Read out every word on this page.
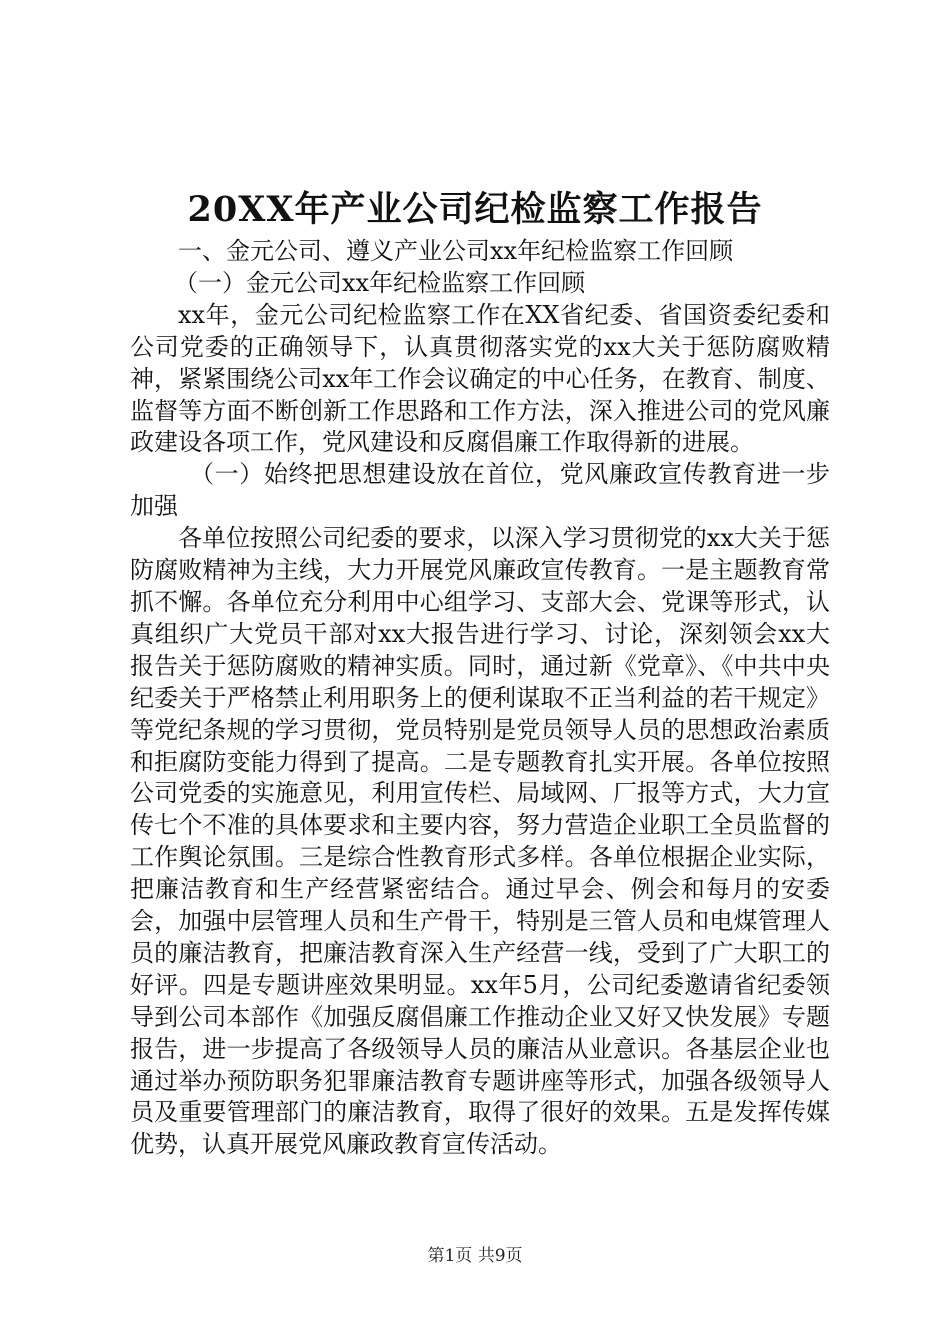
20XX年产业公司纪检监察工作报告

一、金元公司、遵义产业公司xx年纪检监察工作回顾

（一）金元公司xx年纪检监察工作回顾

xx年，金元公司纪检监察工作在XX省纪委、省国资委纪委和公司党委的正确领导下，认真贯彻落实党的xx大关于惩防腐败精神，紧紧围绕公司xx年工作会议确定的中心任务，在教育、制度、监督等方面不断创新工作思路和工作方法，深入推进公司的党风廉政建设各项工作，党风建设和反腐倡廉工作取得新的进展。

（一）始终把思想建设放在首位，党风廉政宣传教育进一步加强

各单位按照公司纪委的要求，以深入学习贯彻党的xx大关于惩防腐败精神为主线，大力开展党风廉政宣传教育。一是主题教育常抓不懈。各单位充分利用中心组学习、支部大会、党课等形式，认真组织广大党员干部对xx大报告进行学习、讨论，深刻领会xx大报告关于惩防腐败的精神实质。同时，通过新《党章》、《中共中央纪委关于严格禁止利用职务上的便利谋取不正当利益的若干规定》等党纪条规的学习贯彻，党员特别是党员领导人员的思想政治素质和拒腐防变能力得到了提高。二是专题教育扎实开展。各单位按照公司党委的实施意见，利用宣传栏、局域网、厂报等方式，大力宣传七个不准的具体要求和主要内容，努力营造企业职工全员监督的工作舆论氛围。三是综合性教育形式多样。各单位根据企业实际，把廉洁教育和生产经营紧密结合。通过早会、例会和每月的安委会，加强中层管理人员和生产骨干，特别是三管人员和电煤管理人员的廉洁教育，把廉洁教育深入生产经营一线，受到了广大职工的好评。四是专题讲座效果明显。xx年5月，公司纪委邀请省纪委领导到公司本部作《加强反腐倡廉工作推动企业又好又快发展》专题报告，进一步提高了各级领导人员的廉洁从业意识。各基层企业也通过举办预防职务犯罪廉洁教育专题讲座等形式，加强各级领导人员及重要管理部门的廉洁教育，取得了很好的效果。五是发挥传媒优势，认真开展党风廉政教育宣传活动。

第1页 共9页
